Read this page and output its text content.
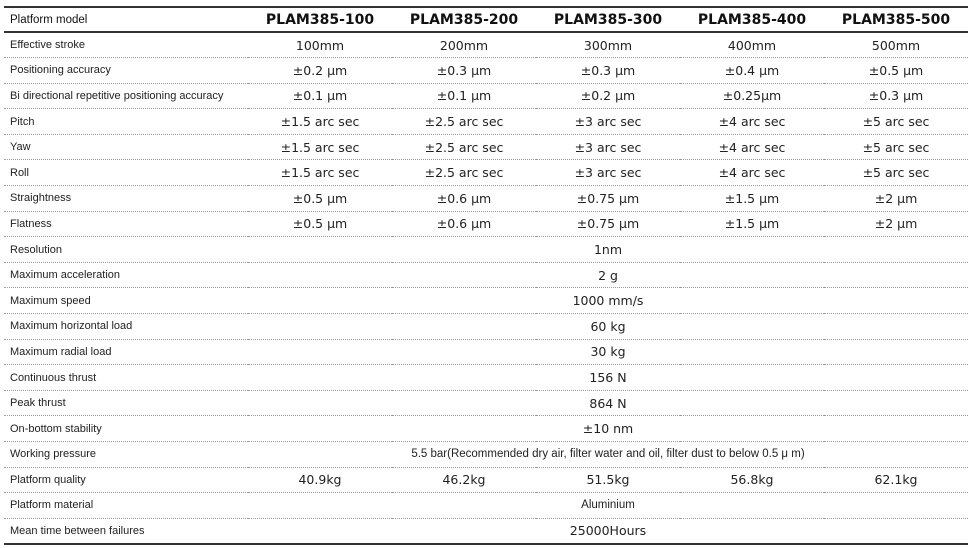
Platform model	PLAM385-100	PLAM385-200	PLAM385-300	PLAM385-400	PLAM385-500
Effective stroke	100mm	200mm	300mm	400mm	500mm
Positioning accuracy	±0.2 μm	±0.3 μm	±0.3 μm	±0.4 μm	±0.5 μm
Bi directional repetitive positioning accuracy	±0.1 μm	±0.1 μm	±0.2 μm	±0.25μm	±0.3 μm
Pitch	±1.5 arc sec	±2.5 arc sec	±3 arc sec	±4 arc sec	±5 arc sec
Yaw	±1.5 arc sec	±2.5 arc sec	±3 arc sec	±4 arc sec	±5 arc sec
Roll	±1.5 arc sec	±2.5 arc sec	±3 arc sec	±4 arc sec	±5 arc sec
Straightness	±0.5 μm	±0.6 μm	±0.75 μm	±1.5 μm	±2 μm
Flatness	±0.5 μm	±0.6 μm	±0.75 μm	±1.5 μm	±2 μm
Resolution	1nm				
Maximum acceleration	2 g				
Maximum speed	1000 mm/s				
Maximum horizontal load	60 kg				
Maximum radial load	30 kg				
Continuous thrust	156 N				
Peak thrust	864 N				
On-bottom stability	±10 nm				
Working pressure	5.5 bar(Recommended dry air, filter water and oil, filter dust to below 0.5 μ m)				
Platform quality	40.9kg	46.2kg	51.5kg	56.8kg	62.1kg
Platform material	Aluminium				
Mean time between failures	25000Hours				
